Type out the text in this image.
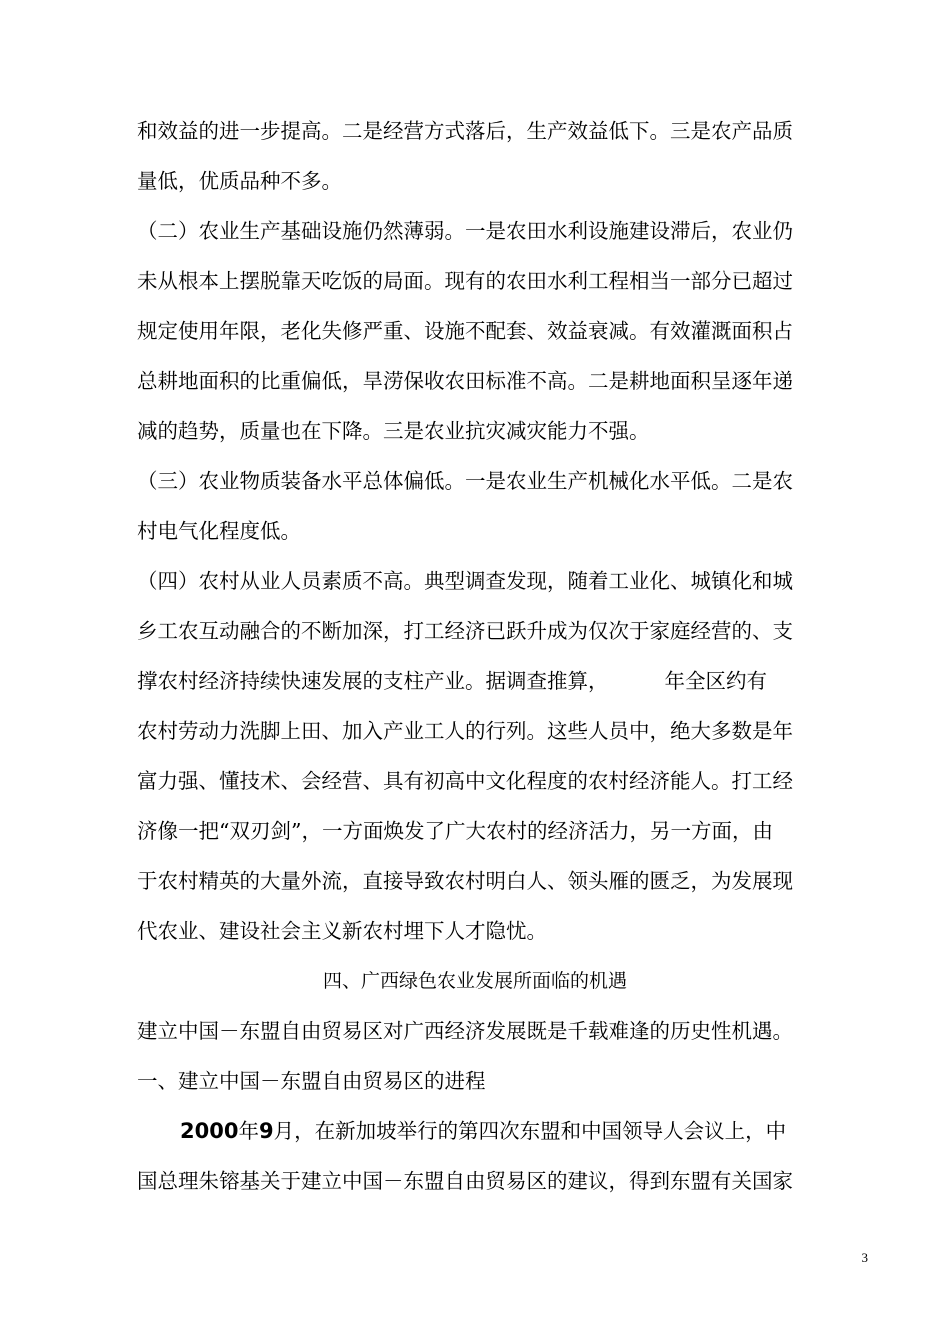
和效益的进一步提高。二是经营方式落后，生产效益低下。三是农产品质
量低，优质品种不多。
（二）农业生产基础设施仍然薄弱。一是农田水利设施建设滞后，农业仍
未从根本上摆脱靠天吃饭的局面。现有的农田水利工程相当一部分已超过
规定使用年限，老化失修严重、设施不配套、效益衰减。有效灌溉面积占
总耕地面积的比重偏低，旱涝保收农田标准不高。二是耕地面积呈逐年递
减的趋势，质量也在下降。三是农业抗灾减灾能力不强。
（三）农业物质装备水平总体偏低。一是农业生产机械化水平低。二是农
村电气化程度低。
（四）农村从业人员素质不高。典型调查发现，随着工业化、城镇化和城
乡工农互动融合的不断加深，打工经济已跃升成为仅次于家庭经营的、支
撑农村经济持续快速发展的支柱产业。据调查推算，	年全区约有
农村劳动力洗脚上田、加入产业工人的行列。这些人员中，绝大多数是年
富力强、懂技术、会经营、具有初高中文化程度的农村经济能人。打工经
济像一把“双刃剑”，一方面焕发了广大农村的经济活力，另一方面，由
于农村精英的大量外流，直接导致农村明白人、领头雁的匮乏，为发展现
代农业、建设社会主义新农村埋下人才隐忧。
四、广西绿色农业发展所面临的机遇
建立中国－东盟自由贸易区对广西经济发展既是千载难逢的历史性机遇。
一、建立中国－东盟自由贸易区的进程
2000年9月，在新加坡举行的第四次东盟和中国领导人会议上，中
国总理朱镕基关于建立中国－东盟自由贸易区的建议，得到东盟有关国家
3
